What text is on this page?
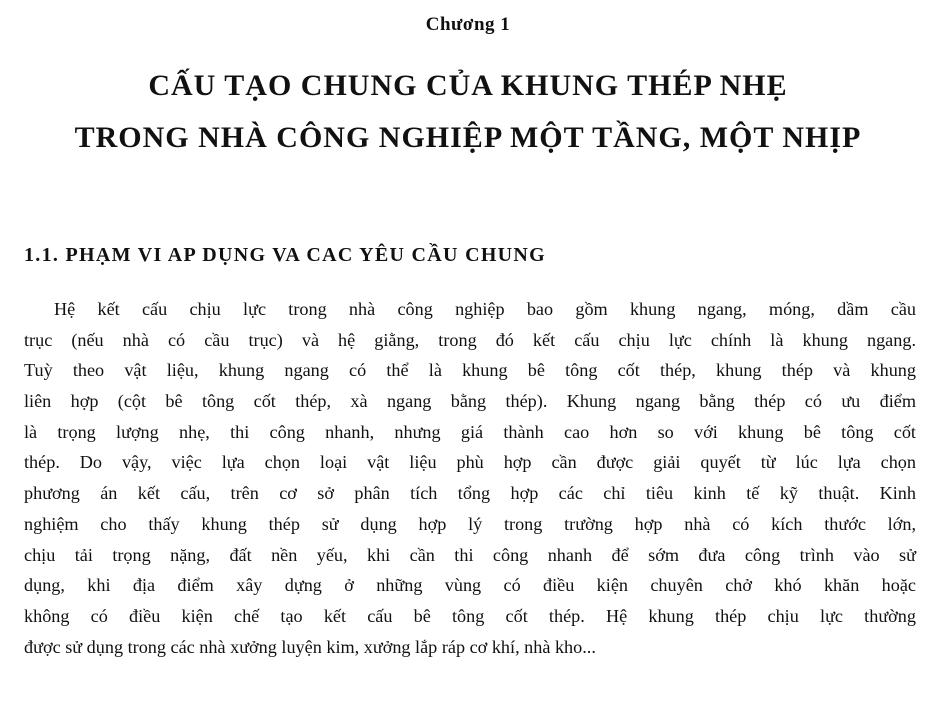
Chương 1
CẤU TẠO CHUNG CỦA KHUNG THÉP NHẸ
TRONG NHÀ CÔNG NGHIỆP MỘT TẦNG, MỘT NHỊP
1.1. PHẠM VI AP DỤNG VA CAC YÊU CẦU CHUNG
Hệ kết cấu chịu lực trong nhà công nghiệp bao gồm khung ngang, móng, dầm cầu
trục (nếu nhà có cầu trục) và hệ giằng, trong đó kết cấu chịu lực chính là khung ngang.
Tuỳ theo vật liệu, khung ngang có thể là khung bê tông cốt thép, khung thép và khung
liên hợp (cột bê tông cốt thép, xà ngang bằng thép). Khung ngang bằng thép có ưu điểm
là trọng lượng nhẹ, thi công nhanh, nhưng giá thành cao hơn so với khung bê tông cốt
thép. Do vậy, việc lựa chọn loại vật liệu phù hợp cần được giải quyết từ lúc lựa chọn
phương án kết cấu, trên cơ sở phân tích tổng hợp các chỉ tiêu kinh tế kỹ thuật. Kinh
nghiệm cho thấy khung thép sử dụng hợp lý trong trường hợp nhà có kích thước lớn,
chịu tải trọng nặng, đất nền yếu, khi cần thi công nhanh để sớm đưa công trình vào sử
dụng, khi địa điểm xây dựng ở những vùng có điều kiện chuyên chở khó khăn hoặc
không có điều kiện chế tạo kết cấu bê tông cốt thép. Hệ khung thép chịu lực thường
được sử dụng trong các nhà xưởng luyện kim, xưởng lắp ráp cơ khí, nhà kho...
